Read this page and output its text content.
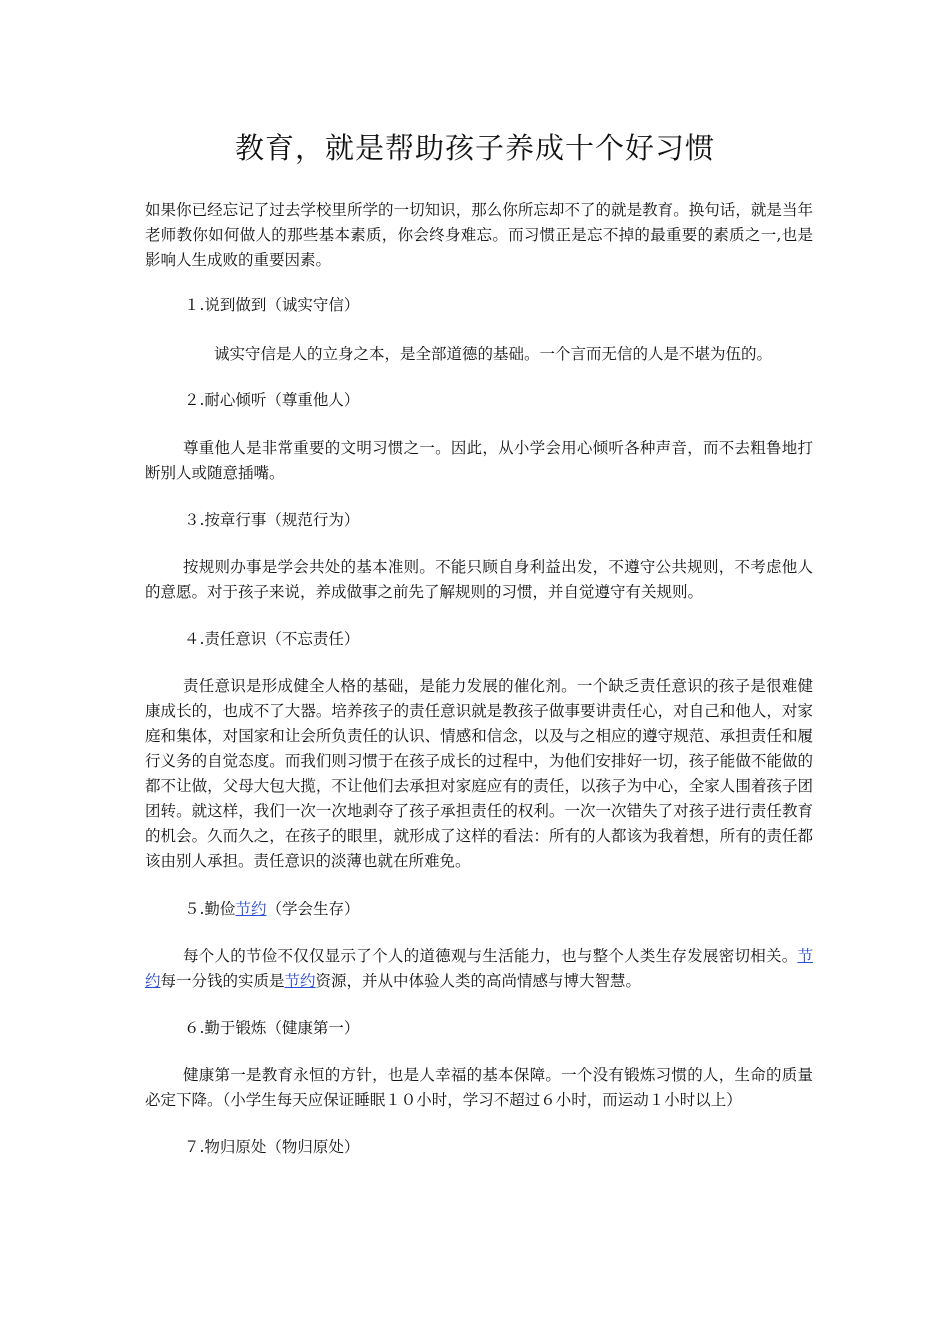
教育，就是帮助孩子养成十个好习惯
如果你已经忘记了过去学校里所学的一切知识，那么你所忘却不了的就是教育。换句话，就是当年老师教你如何做人的那些基本素质，你会终身难忘。而习惯正是忘不掉的最重要的素质之一,也是影响人生成败的重要因素。
１.说到做到（诚实守信）
诚实守信是人的立身之本，是全部道德的基础。一个言而无信的人是不堪为伍的。
２.耐心倾听（尊重他人）
尊重他人是非常重要的文明习惯之一。因此，从小学会用心倾听各种声音，而不去粗鲁地打断别人或随意插嘴。
３.按章行事（规范行为）
按规则办事是学会共处的基本准则。不能只顾自身利益出发，不遵守公共规则，不考虑他人的意愿。对于孩子来说，养成做事之前先了解规则的习惯，并自觉遵守有关规则。
４.责任意识（不忘责任）
责任意识是形成健全人格的基础，是能力发展的催化剂。一个缺乏责任意识的孩子是很难健康成长的，也成不了大器。培养孩子的责任意识就是教孩子做事要讲责任心，对自己和他人，对家庭和集体，对国家和让会所负责任的认识、情感和信念，以及与之相应的遵守规范、承担责任和履行义务的自觉态度。而我们则习惯于在孩子成长的过程中，为他们安排好一切，孩子能做不能做的都不让做，父母大包大揽，不让他们去承担对家庭应有的责任，以孩子为中心，全家人围着孩子团团转。就这样，我们一次一次地剥夺了孩子承担责任的权利。一次一次错失了对孩子进行责任教育的机会。久而久之，在孩子的眼里，就形成了这样的看法：所有的人都该为我着想，所有的责任都该由别人承担。责任意识的淡薄也就在所难免。
５.勤俭节约（学会生存）
每个人的节俭不仅仅显示了个人的道德观与生活能力，也与整个人类生存发展密切相关。节约每一分钱的实质是节约资源，并从中体验人类的高尚情感与博大智慧。
６.勤于锻炼（健康第一）
健康第一是教育永恒的方针，也是人幸福的基本保障。一个没有锻炼习惯的人，生命的质量必定下降。（小学生每天应保证睡眠１０小时，学习不超过６小时，而运动１小时以上）
７.物归原处（物归原处）
